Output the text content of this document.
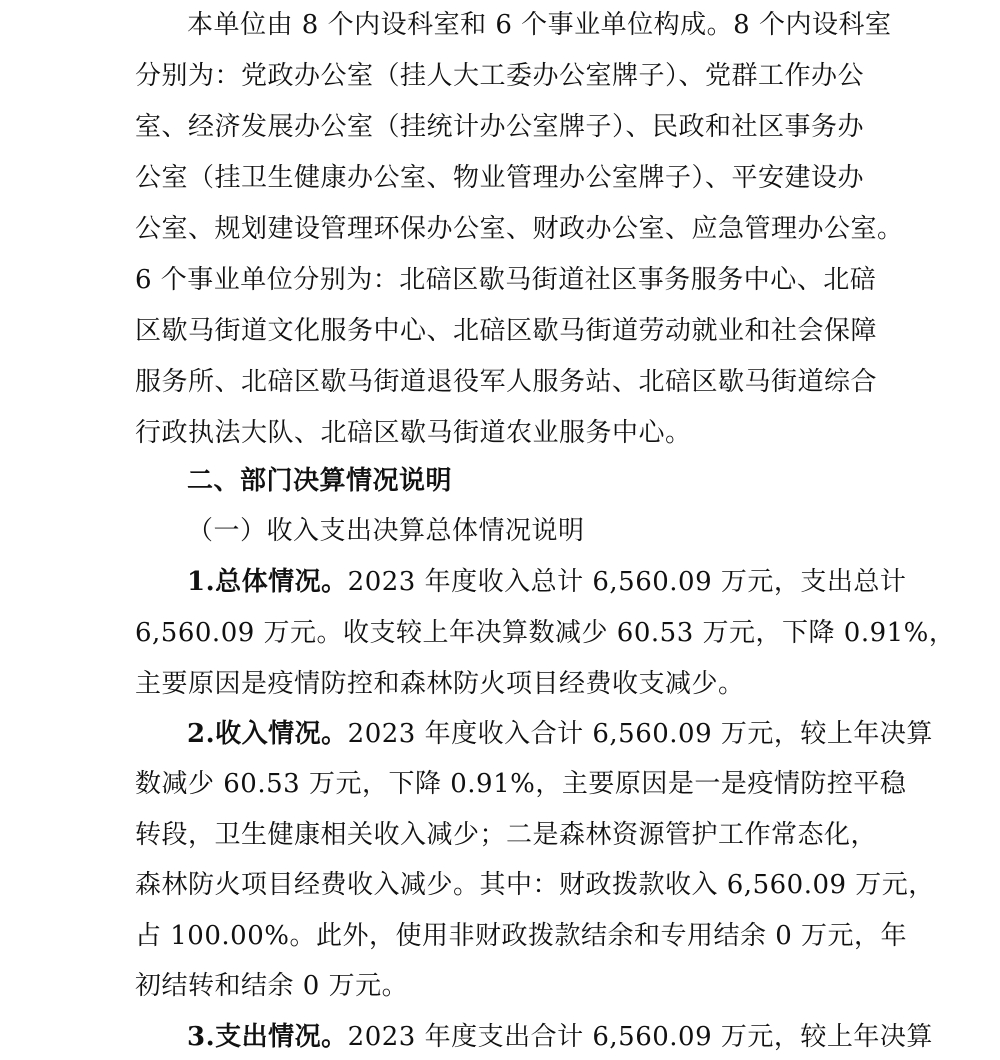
本单位由 8 个内设科室和 6 个事业单位构成。8 个内设科室
分别为：党政办公室（挂人大工委办公室牌子）、党群工作办公
室、经济发展办公室（挂统计办公室牌子）、民政和社区事务办
公室（挂卫生健康办公室、物业管理办公室牌子）、平安建设办
公室、规划建设管理环保办公室、财政办公室、应急管理办公室。
6 个事业单位分别为：北碚区歇马街道社区事务服务中心、北碚
区歇马街道文化服务中心、北碚区歇马街道劳动就业和社会保障
服务所、北碚区歇马街道退役军人服务站、北碚区歇马街道综合
行政执法大队、北碚区歇马街道农业服务中心。
二、部门决算情况说明
（一）收入支出决算总体情况说明
1.总体情况。2023 年度收入总计 6,560.09 万元，支出总计
6,560.09 万元。收支较上年决算数减少 60.53 万元，下降 0.91%，
主要原因是疫情防控和森林防火项目经费收支减少。
2.收入情况。2023 年度收入合计 6,560.09 万元，较上年决算
数减少 60.53 万元，下降 0.91%，主要原因是一是疫情防控平稳
转段，卫生健康相关收入减少；二是森林资源管护工作常态化，
森林防火项目经费收入减少。其中：财政拨款收入 6,560.09 万元，
占 100.00%。此外，使用非财政拨款结余和专用结余 0 万元，年
初结转和结余 0 万元。
3.支出情况。2023 年度支出合计 6,560.09 万元，较上年决算
